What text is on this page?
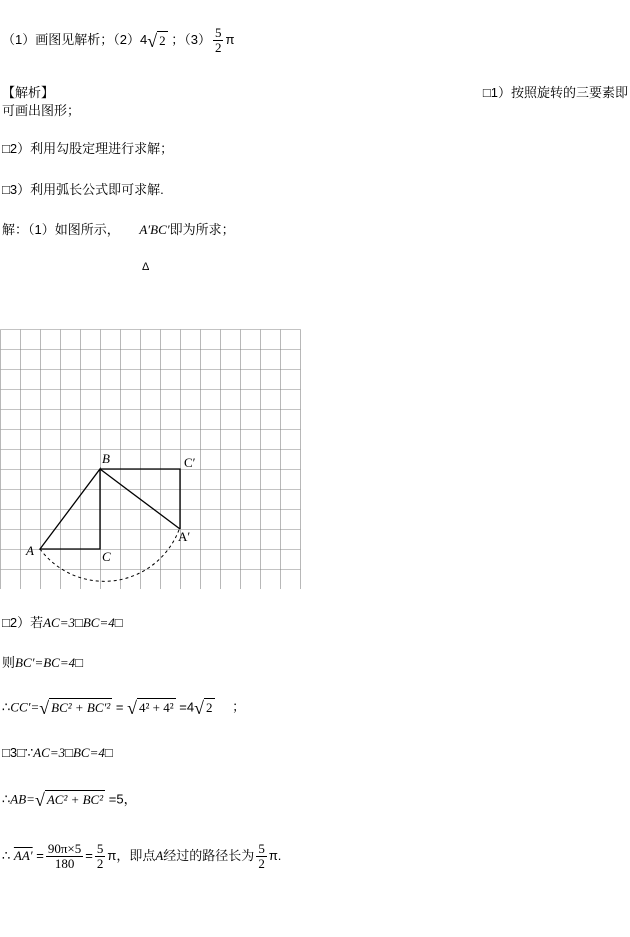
（1）画图见解析；（2）4 √ 2 ；$(3) \frac{5}{2}$ π
【解析】	□1）按照旋转的三要素即
可画出图形；
□2）利用勾股定理进行求解；
□3）利用弧长公式即可求解.
解：（1）如图所示， A′BC′即为所求；
Δ
A
B
C
C′
A′
□2）若AC=3□BC=4□
则BC′=BC=4□
∴CC′= √ BC² + BC′² = √ 4² + 4² =4 √ 2 ；
□3□∵AC=3□BC=4□
∴AB= √ AC² + BC² =5，
∴ $AA' = \frac{90\pi\times 5}{180} = \frac{5}{2}$ π，即点A经过的路径长为 $\frac{5}{2} \pi$.
